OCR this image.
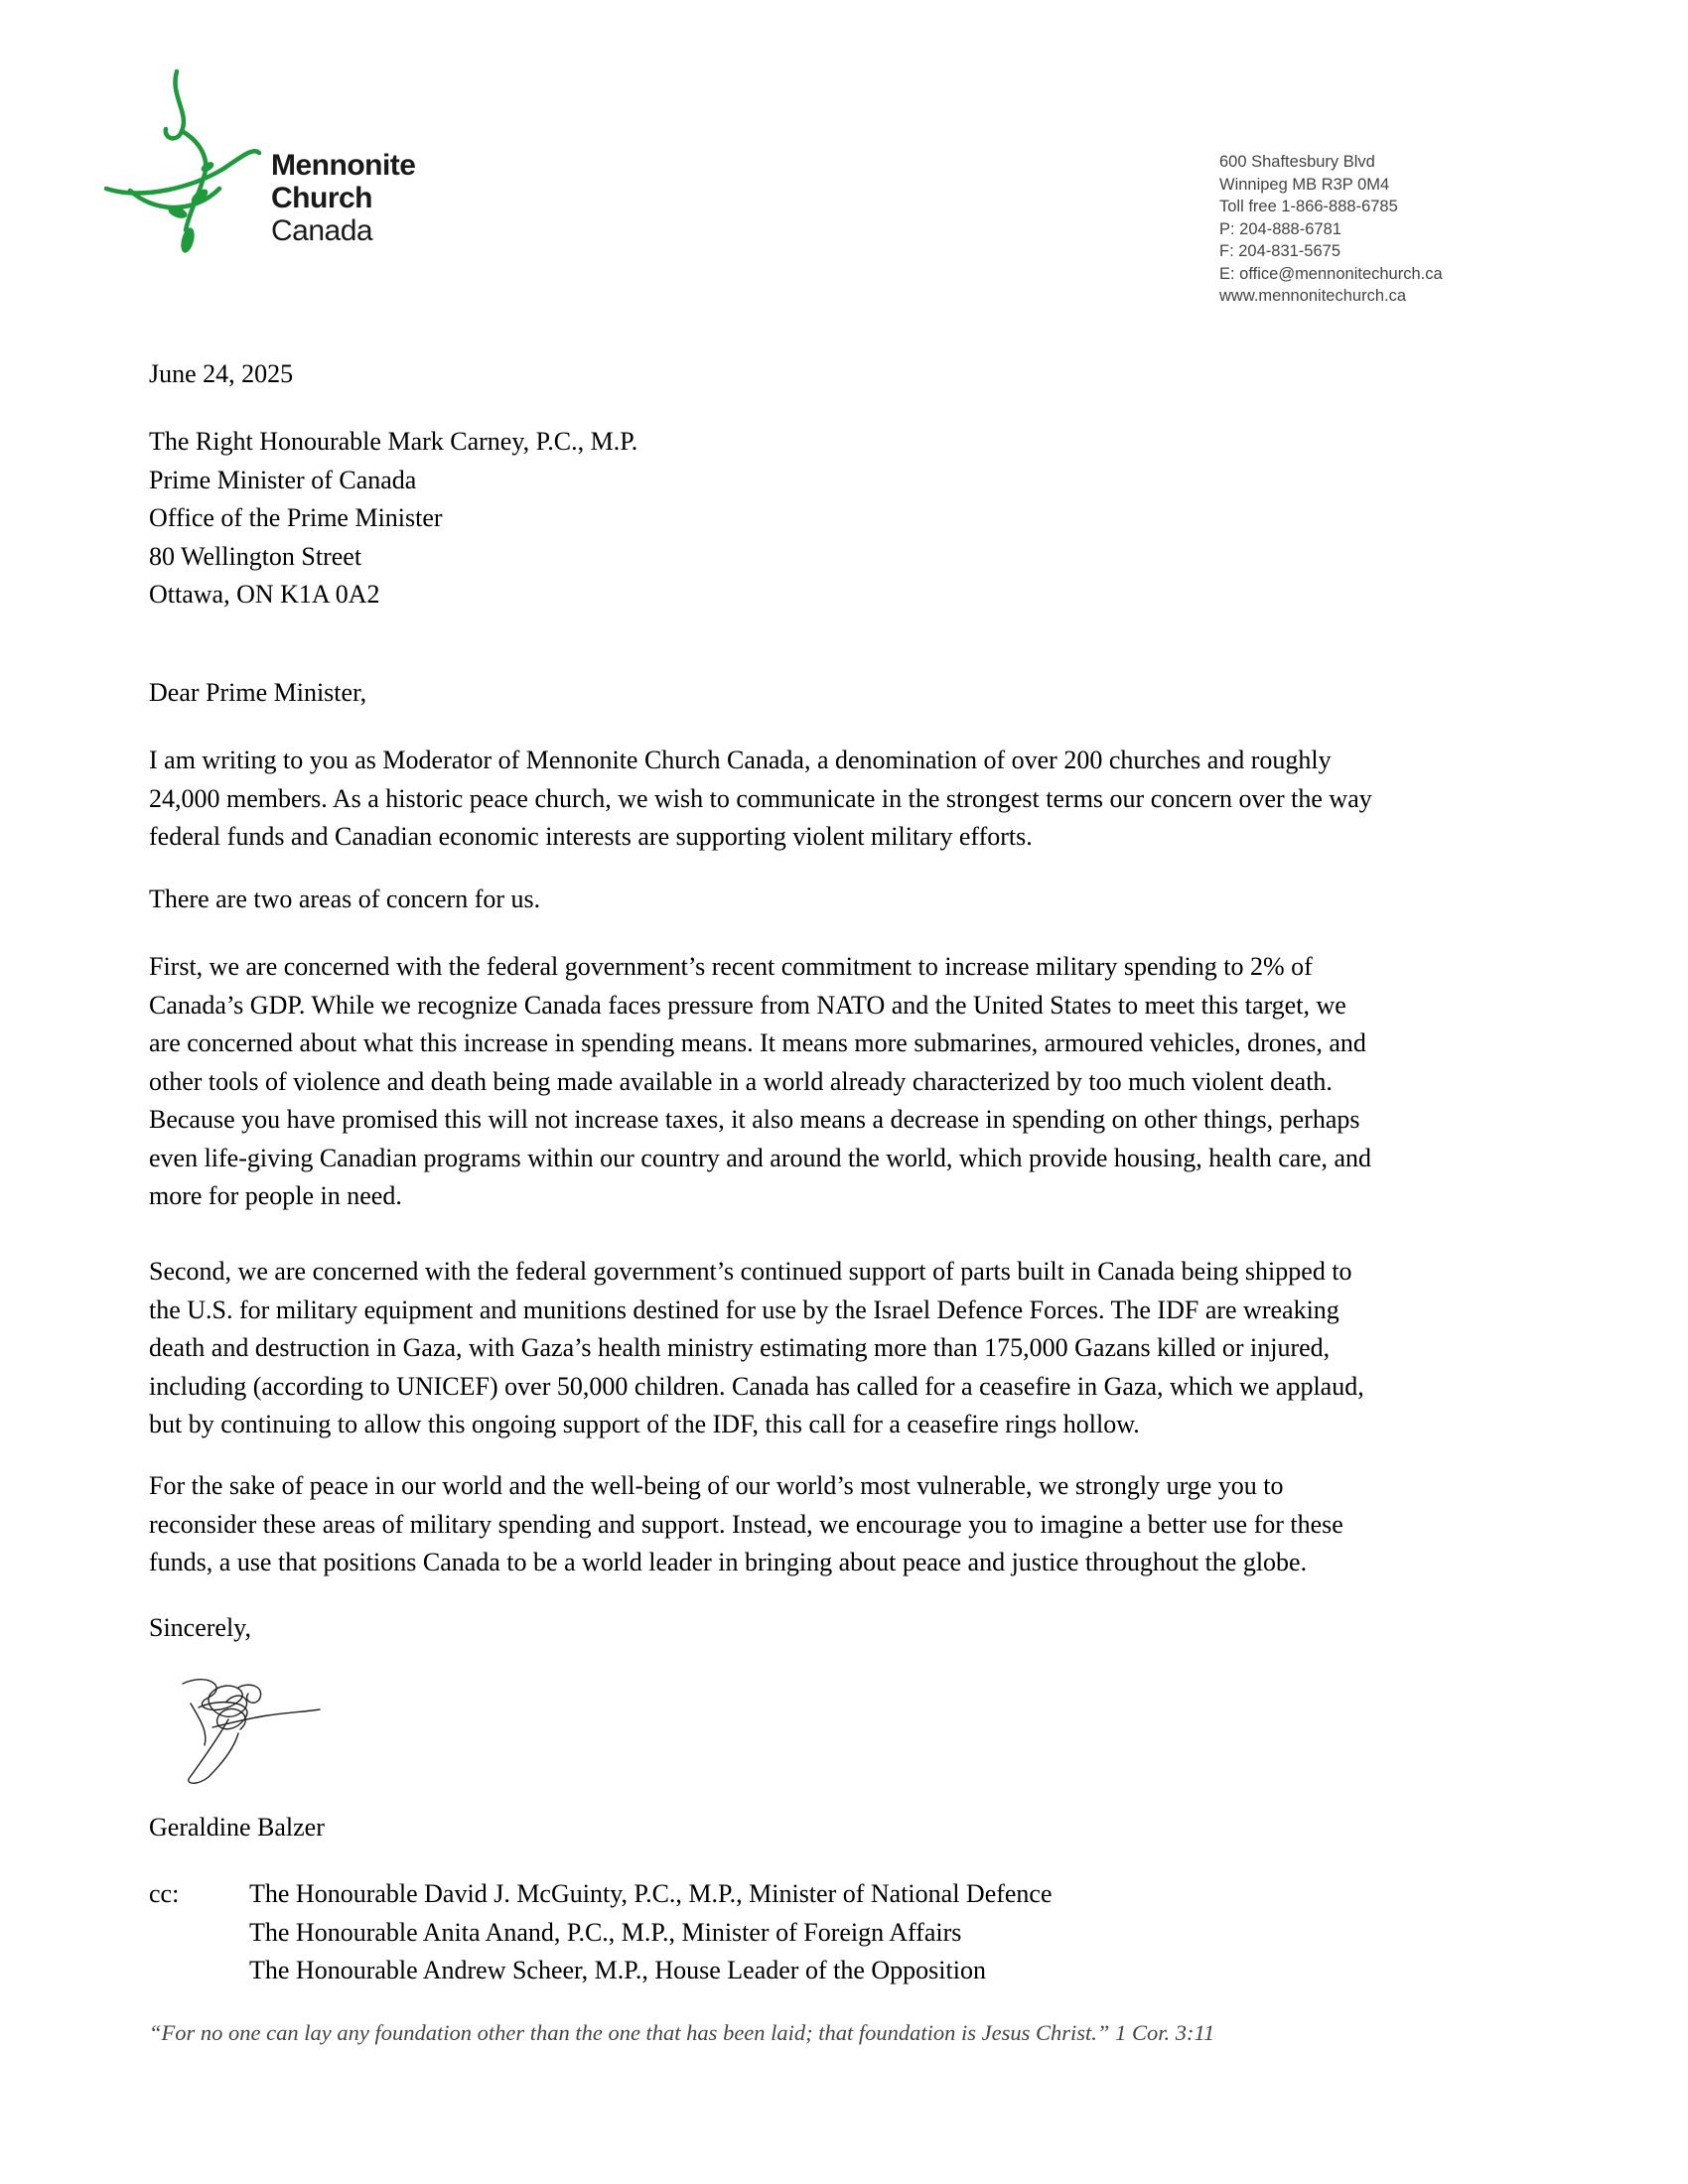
Mennonite
Church
Canada
600 Shaftesbury Blvd
Winnipeg MB R3P 0M4
Toll free 1-866-888-6785
P: 204-888-6781
F: 204-831-5675
E: office@mennonitechurch.ca
www.mennonitechurch.ca
June 24, 2025
The Right Honourable Mark Carney, P.C., M.P.
Prime Minister of Canada
Office of the Prime Minister
80 Wellington Street
Ottawa, ON K1A 0A2
Dear Prime Minister,
I am writing to you as Moderator of Mennonite Church Canada, a denomination of over 200 churches and roughly
24,000 members. As a historic peace church, we wish to communicate in the strongest terms our concern over the way
federal funds and Canadian economic interests are supporting violent military efforts.
There are two areas of concern for us.
First, we are concerned with the federal government’s recent commitment to increase military spending to 2% of
Canada’s GDP. While we recognize Canada faces pressure from NATO and the United States to meet this target, we
are concerned about what this increase in spending means. It means more submarines, armoured vehicles, drones, and
other tools of violence and death being made available in a world already characterized by too much violent death.
Because you have promised this will not increase taxes, it also means a decrease in spending on other things, perhaps
even life-giving Canadian programs within our country and around the world, which provide housing, health care, and
more for people in need.
Second, we are concerned with the federal government’s continued support of parts built in Canada being shipped to
the U.S. for military equipment and munitions destined for use by the Israel Defence Forces. The IDF are wreaking
death and destruction in Gaza, with Gaza’s health ministry estimating more than 175,000 Gazans killed or injured,
including (according to UNICEF) over 50,000 children. Canada has called for a ceasefire in Gaza, which we applaud,
but by continuing to allow this ongoing support of the IDF, this call for a ceasefire rings hollow.
For the sake of peace in our world and the well-being of our world’s most vulnerable, we strongly urge you to
reconsider these areas of military spending and support. Instead, we encourage you to imagine a better use for these
funds, a use that positions Canada to be a world leader in bringing about peace and justice throughout the globe.
Sincerely,
Geraldine Balzer
cc:	The Honourable David J. McGuinty, P.C., M.P., Minister of National Defence
The Honourable Anita Anand, P.C., M.P., Minister of Foreign Affairs
The Honourable Andrew Scheer, M.P., House Leader of the Opposition
“For no one can lay any foundation other than the one that has been laid; that foundation is Jesus Christ.” 1 Cor. 3:11
